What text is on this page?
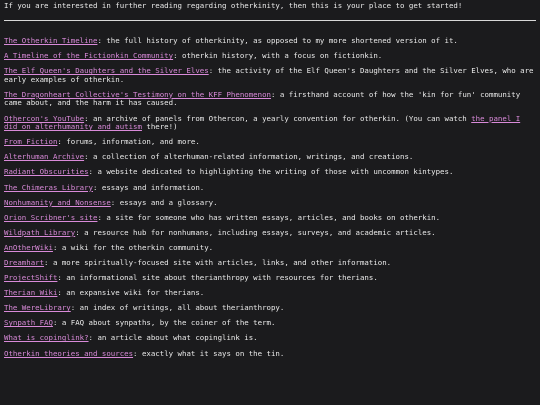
If you are interested in further reading regarding otherkinity, then this is your place to get started!

The Otherkin Timeline: the full history of otherkinity, as opposed to my more shortened version of it.
A Timeline of the Fictionkin Community: otherkin history, with a focus on fictionkin.
The Elf Queen's Daughters and the Silver Elves: the activity of the Elf Queen's Daughters and the Silver Elves, who are early examples of otherkin.
The Dragonheart Collective's Testimony on the KFF Phenomenon: a firsthand account of how the 'kin for fun' community came about, and the harm it has caused.
Othercon's YouTube: an archive of panels from Othercon, a yearly convention for otherkin. (You can watch the panel I did on alterhumanity and autism there!)
From Fiction: forums, information, and more.
Alterhuman Archive: a collection of alterhuman-related information, writings, and creations.
Radiant Obscurities: a website dedicated to highlighting the writing of those with uncommon kintypes.
The Chimeras Library: essays and information.
Nonhumanity and Nonsense: essays and a glossary.
Orion Scribner's site: a site for someone who has written essays, articles, and books on otherkin.
Wildpath Library: a resource hub for nonhumans, including essays, surveys, and academic articles.
AnOtherWiki: a wiki for the otherkin community.
Dreamhart: a more spiritually-focused site with articles, links, and other information.
ProjectShift: an informational site about therianthropy with resources for therians.
Therian Wiki: an expansive wiki for therians.
The WereLibrary: an index of writings, all about therianthropy.
Synpath FAQ: a FAQ about synpaths, by the coiner of the term.
What is copinglink?: an article about what copinglink is.
Otherkin theories and sources: exactly what it says on the tin.
